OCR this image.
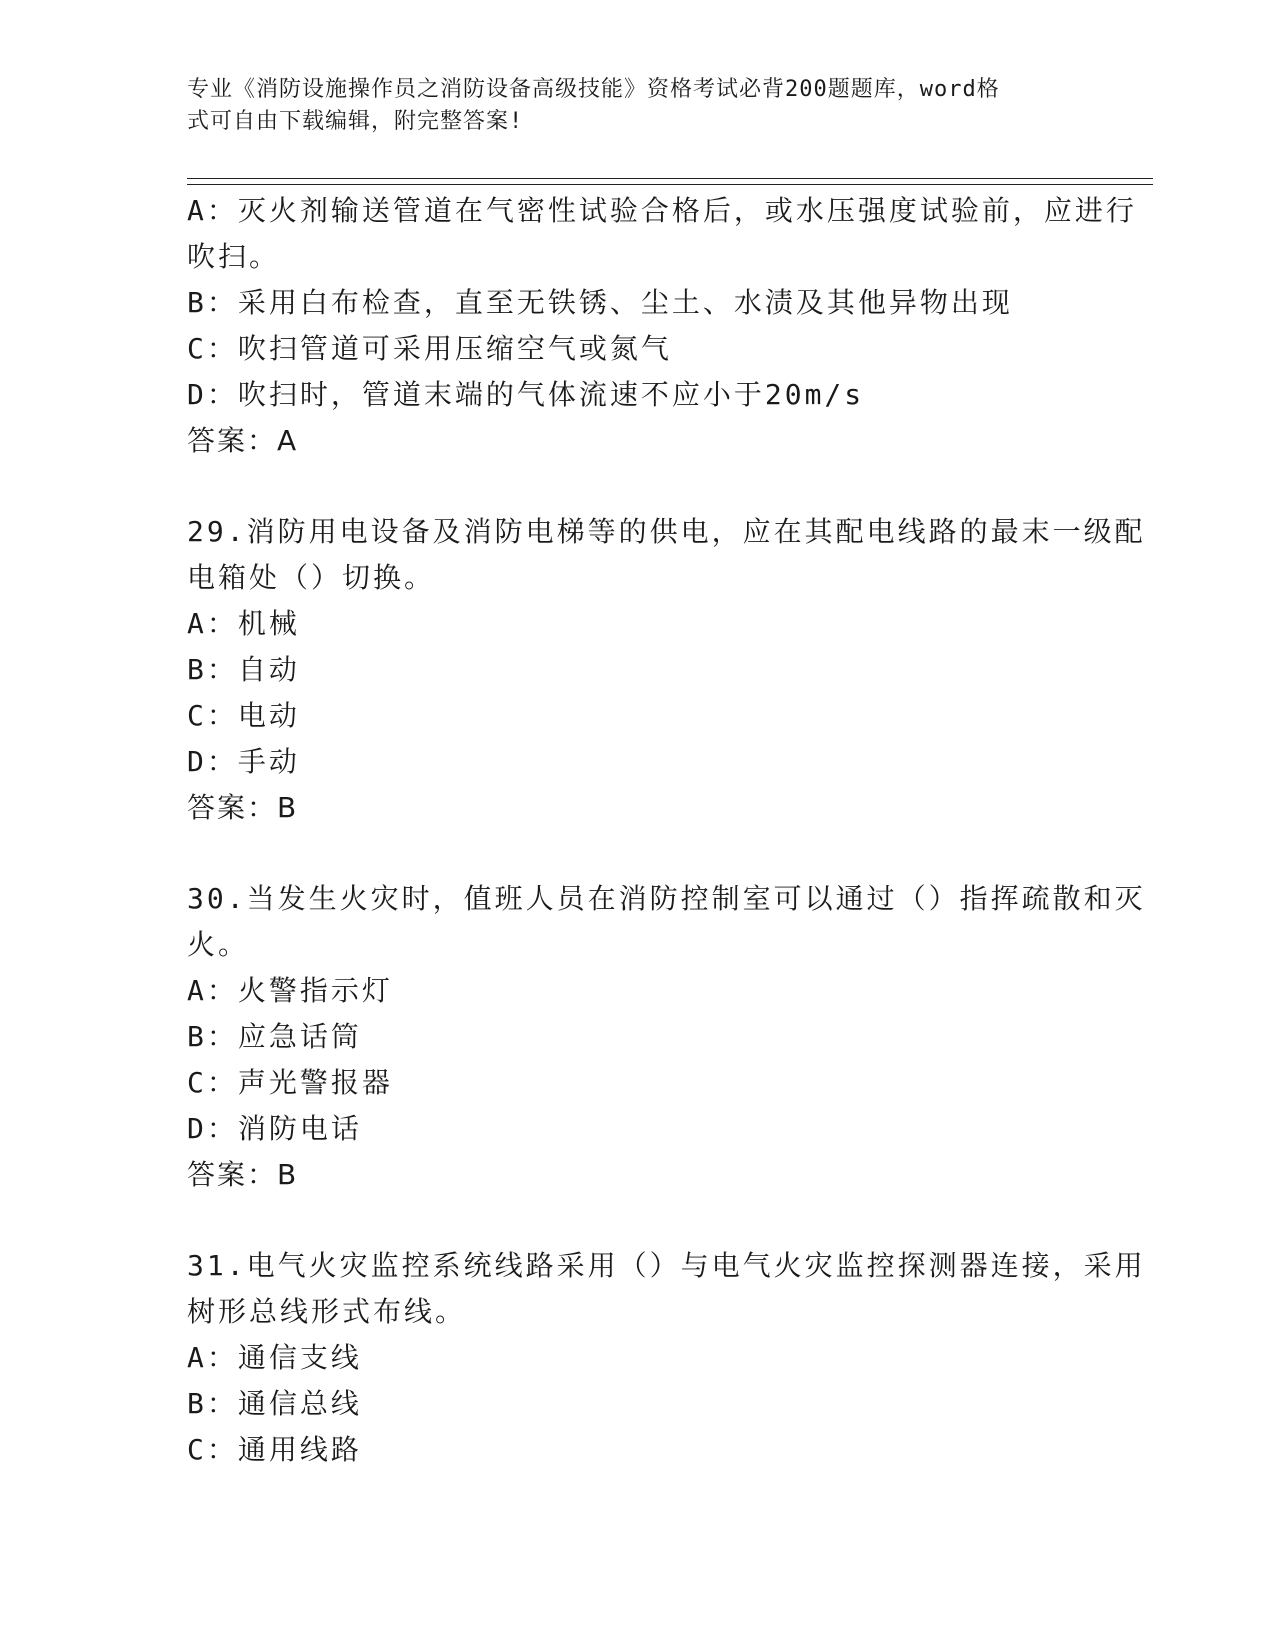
专业《消防设施操作员之消防设备高级技能》资格考试必背200题题库，word格
式可自由下载编辑，附完整答案!
A：灭火剂输送管道在气密性试验合格后，或水压强度试验前，应进行
吹扫。
B：采用白布检查，直至无铁锈、尘土、水渍及其他异物出现
C：吹扫管道可采用压缩空气或氮气
D：吹扫时，管道末端的气体流速不应小于20m/s
答案：A
29.消防用电设备及消防电梯等的供电，应在其配电线路的最末一级配
电箱处（）切换。
A：机械
B：自动
C：电动
D：手动
答案：B
30.当发生火灾时，值班人员在消防控制室可以通过（）指挥疏散和灭
火。
A：火警指示灯
B：应急话筒
C：声光警报器
D：消防电话
答案：B
31.电气火灾监控系统线路采用（）与电气火灾监控探测器连接，采用
树形总线形式布线。
A：通信支线
B：通信总线
C：通用线路
